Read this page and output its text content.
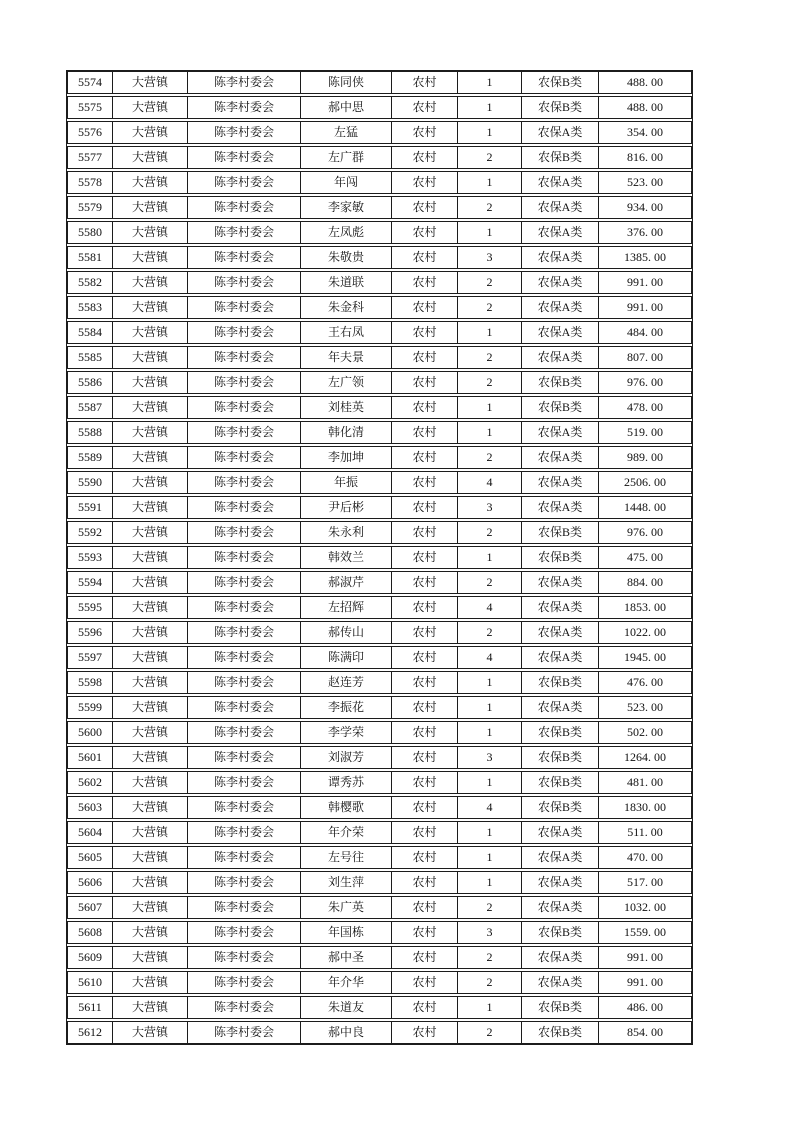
5574	大营镇	陈李村委会	陈同侠	农村	1	农保B类	488. 00
5575	大营镇	陈李村委会	郝中思	农村	1	农保B类	488. 00
5576	大营镇	陈李村委会	左猛	农村	1	农保A类	354. 00
5577	大营镇	陈李村委会	左广群	农村	2	农保B类	816. 00
5578	大营镇	陈李村委会	年闯	农村	1	农保A类	523. 00
5579	大营镇	陈李村委会	李家敏	农村	2	农保A类	934. 00
5580	大营镇	陈李村委会	左凤彪	农村	1	农保A类	376. 00
5581	大营镇	陈李村委会	朱敬贵	农村	3	农保A类	1385. 00
5582	大营镇	陈李村委会	朱道联	农村	2	农保A类	991. 00
5583	大营镇	陈李村委会	朱金科	农村	2	农保A类	991. 00
5584	大营镇	陈李村委会	王右凤	农村	1	农保A类	484. 00
5585	大营镇	陈李村委会	年夫景	农村	2	农保A类	807. 00
5586	大营镇	陈李村委会	左广领	农村	2	农保B类	976. 00
5587	大营镇	陈李村委会	刘桂英	农村	1	农保B类	478. 00
5588	大营镇	陈李村委会	韩化清	农村	1	农保A类	519. 00
5589	大营镇	陈李村委会	李加坤	农村	2	农保A类	989. 00
5590	大营镇	陈李村委会	年振	农村	4	农保A类	2506. 00
5591	大营镇	陈李村委会	尹后彬	农村	3	农保A类	1448. 00
5592	大营镇	陈李村委会	朱永利	农村	2	农保B类	976. 00
5593	大营镇	陈李村委会	韩效兰	农村	1	农保B类	475. 00
5594	大营镇	陈李村委会	郝淑芹	农村	2	农保A类	884. 00
5595	大营镇	陈李村委会	左招辉	农村	4	农保A类	1853. 00
5596	大营镇	陈李村委会	郝传山	农村	2	农保A类	1022. 00
5597	大营镇	陈李村委会	陈满印	农村	4	农保A类	1945. 00
5598	大营镇	陈李村委会	赵连芳	农村	1	农保B类	476. 00
5599	大营镇	陈李村委会	李振花	农村	1	农保A类	523. 00
5600	大营镇	陈李村委会	李学荣	农村	1	农保B类	502. 00
5601	大营镇	陈李村委会	刘淑芳	农村	3	农保B类	1264. 00
5602	大营镇	陈李村委会	谭秀苏	农村	1	农保B类	481. 00
5603	大营镇	陈李村委会	韩樱歌	农村	4	农保B类	1830. 00
5604	大营镇	陈李村委会	年介荣	农村	1	农保A类	511. 00
5605	大营镇	陈李村委会	左号往	农村	1	农保A类	470. 00
5606	大营镇	陈李村委会	刘生萍	农村	1	农保A类	517. 00
5607	大营镇	陈李村委会	朱广英	农村	2	农保A类	1032. 00
5608	大营镇	陈李村委会	年国栋	农村	3	农保B类	1559. 00
5609	大营镇	陈李村委会	郝中圣	农村	2	农保A类	991. 00
5610	大营镇	陈李村委会	年介华	农村	2	农保A类	991. 00
5611	大营镇	陈李村委会	朱道友	农村	1	农保B类	486. 00
5612	大营镇	陈李村委会	郝中良	农村	2	农保B类	854. 00
